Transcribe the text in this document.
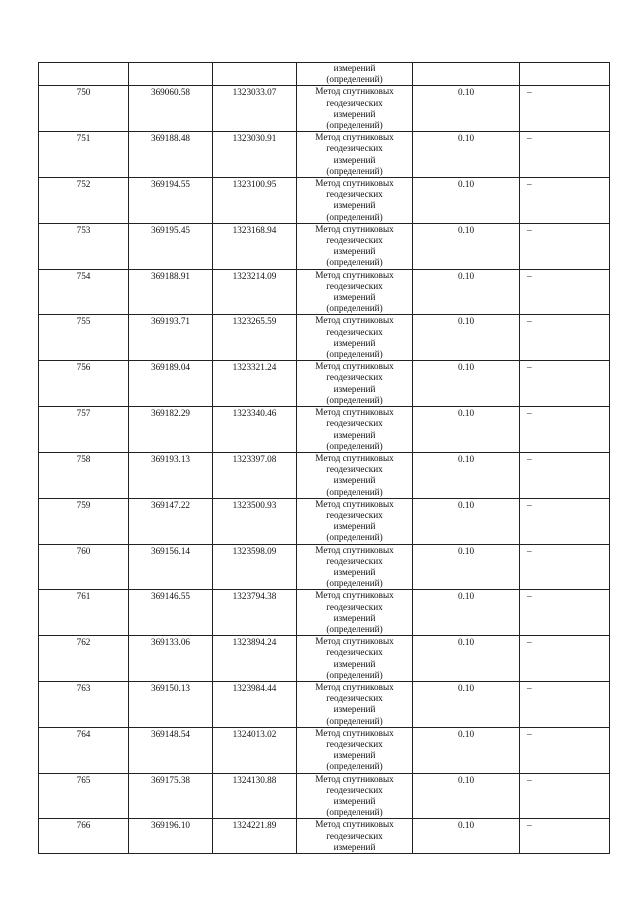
			измерений
(определений)		
750	369060.58	1323033.07	Метод спутниковых
геодезических
измерений
(определений)	0.10	–
751	369188.48	1323030.91	Метод спутниковых
геодезических
измерений
(определений)	0.10	–
752	369194.55	1323100.95	Метод спутниковых
геодезических
измерений
(определений)	0.10	–
753	369195.45	1323168.94	Метод спутниковых
геодезических
измерений
(определений)	0.10	–
754	369188.91	1323214.09	Метод спутниковых
геодезических
измерений
(определений)	0.10	–
755	369193.71	1323265.59	Метод спутниковых
геодезических
измерений
(определений)	0.10	–
756	369189.04	1323321.24	Метод спутниковых
геодезических
измерений
(определений)	0.10	–
757	369182.29	1323340.46	Метод спутниковых
геодезических
измерений
(определений)	0.10	–
758	369193.13	1323397.08	Метод спутниковых
геодезических
измерений
(определений)	0.10	–
759	369147.22	1323500.93	Метод спутниковых
геодезических
измерений
(определений)	0.10	–
760	369156.14	1323598.09	Метод спутниковых
геодезических
измерений
(определений)	0.10	–
761	369146.55	1323794.38	Метод спутниковых
геодезических
измерений
(определений)	0.10	–
762	369133.06	1323894.24	Метод спутниковых
геодезических
измерений
(определений)	0.10	–
763	369150.13	1323984.44	Метод спутниковых
геодезических
измерений
(определений)	0.10	–
764	369148.54	1324013.02	Метод спутниковых
геодезических
измерений
(определений)	0.10	–
765	369175.38	1324130.88	Метод спутниковых
геодезических
измерений
(определений)	0.10	–
766	369196.10	1324221.89	Метод спутниковых
геодезических
измерений	0.10	–
